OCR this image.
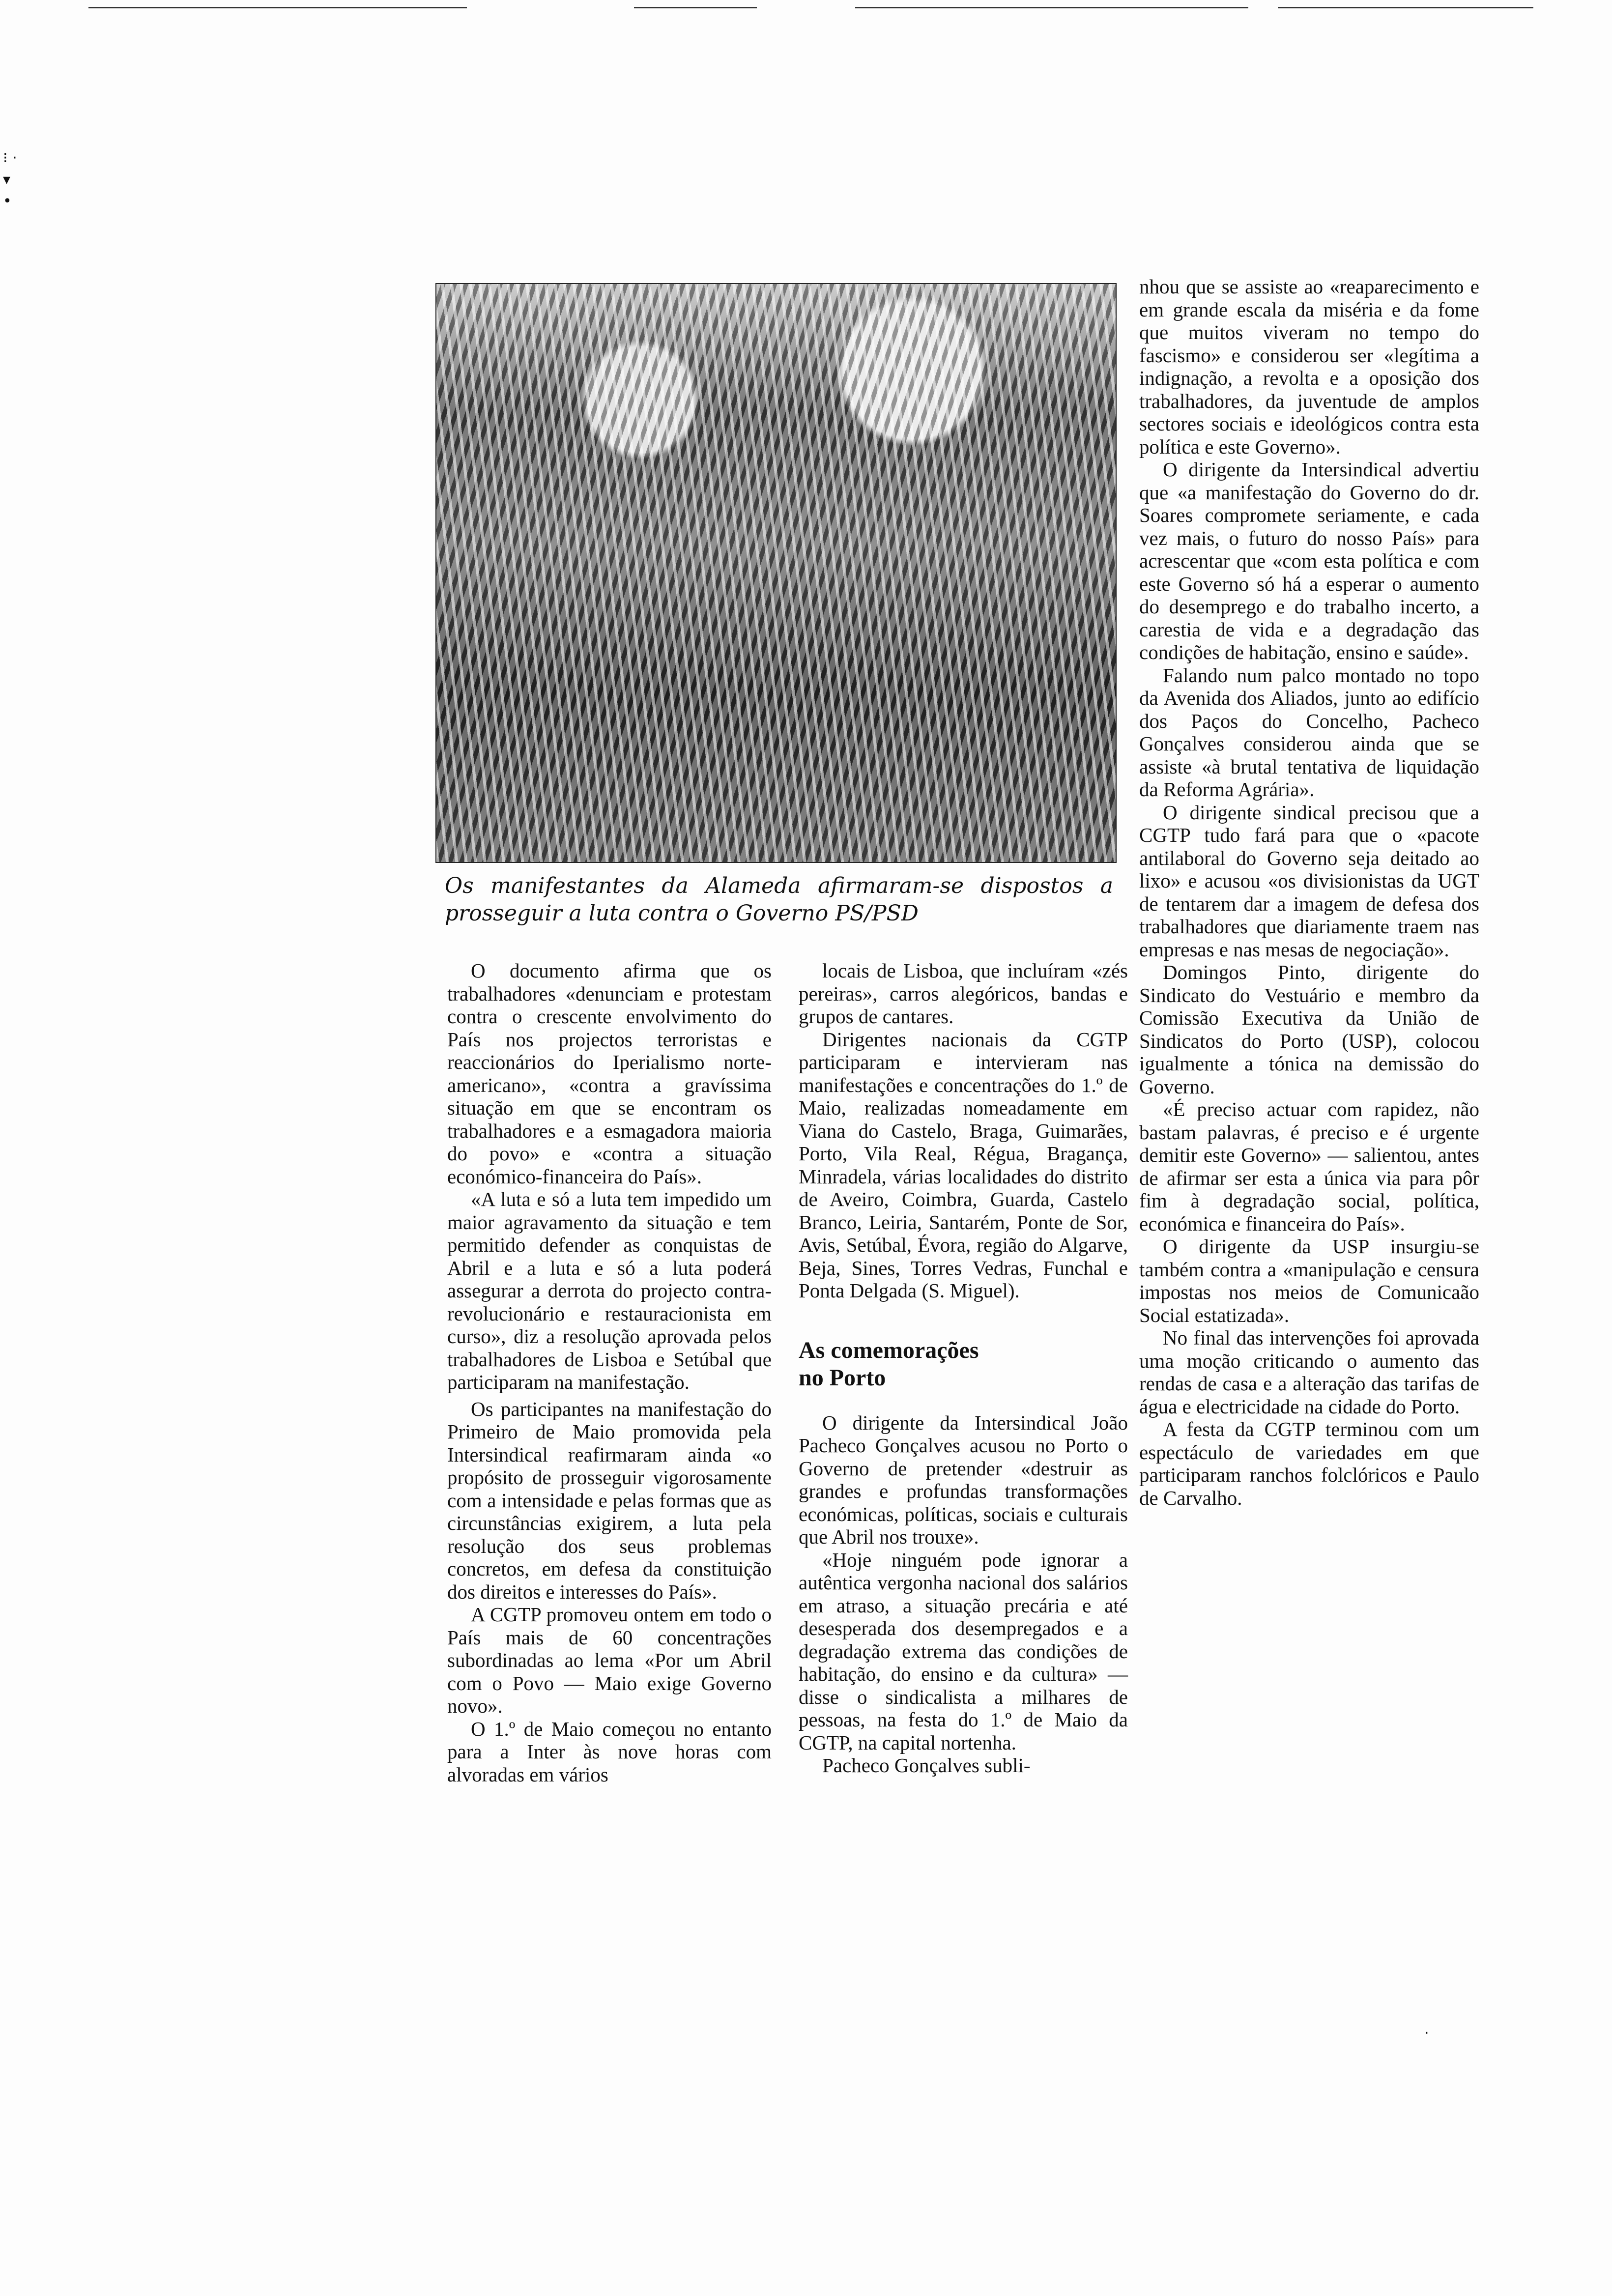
⁝ ·▾ •
·
Os manifestantes da Alameda afirmaram-se dispostos a prosseguir a luta contra o Governo PS/PSD

O documento afirma que os trabalhadores «denunciam e protestam contra o crescente envolvimento do País nos projectos terroristas e reaccionários do Iperialismo norte-americano», «contra a gravíssima situação em que se encontram os trabalhadores e a esmagadora maioria do povo» e «contra a situação económico-financeira do País».

«A luta e só a luta tem impedido um maior agravamento da situação e tem permitido defender as conquistas de Abril e a luta e só a luta poderá assegurar a derrota do projecto contra-revolucionário e restauracionista em curso», diz a resolução aprovada pelos trabalhadores de Lisboa e Setúbal que participaram na manifestação.

Os participantes na manifestação do Primeiro de Maio promovida pela Intersindical reafirmaram ainda «o propósito de prosseguir vigorosamente com a intensidade e pelas formas que as circunstâncias exigirem, a luta pela resolução dos seus problemas concretos, em defesa da constituição dos direitos e interesses do País».

A CGTP promoveu ontem em todo o País mais de 60 concentrações subordinadas ao lema «Por um Abril com o Povo — Maio exige Governo novo».

O 1.º de Maio começou no entanto para a Inter às nove horas com alvoradas em vários

locais de Lisboa, que incluíram «zés pereiras», carros alegóricos, bandas e grupos de cantares.

Dirigentes nacionais da CGTP participaram e intervieram nas manifestações e concentrações do 1.º de Maio, realizadas nomeadamente em Viana do Castelo, Braga, Guimarães, Porto, Vila Real, Régua, Bragança, Minradela, várias localidades do distrito de Aveiro, Coimbra, Guarda, Castelo Branco, Leiria, Santarém, Ponte de Sor, Avis, Setúbal, Évora, região do Algarve, Beja, Sines, Torres Vedras, Funchal e Ponta Delgada (S. Miguel).

As comemorações
no Porto

O dirigente da Intersindical João Pacheco Gonçalves acusou no Porto o Governo de pretender «destruir as grandes e profundas transformações económicas, políticas, sociais e culturais que Abril nos trouxe».

«Hoje ninguém pode ignorar a autêntica vergonha nacional dos salários em atraso, a situação precária e até desesperada dos desempregados e a degradação extrema das condições de habitação, do ensino e da cultura» — disse o sindicalista a milhares de pessoas, na festa do 1.º de Maio da CGTP, na capital nortenha.

Pacheco Gonçalves subli-

nhou que se assiste ao «reaparecimento e em grande escala da miséria e da fome que muitos viveram no tempo do fascismo» e considerou ser «legítima a indignação, a revolta e a oposição dos trabalhadores, da juventude de amplos sectores sociais e ideológicos contra esta política e este Governo».

O dirigente da Intersindical advertiu que «a manifestação do Governo do dr. Soares compromete seriamente, e cada vez mais, o futuro do nosso País» para acrescentar que «com esta política e com este Governo só há a esperar o aumento do desemprego e do trabalho incerto, a carestia de vida e a degradação das condições de habitação, ensino e saúde».

Falando num palco montado no topo da Avenida dos Aliados, junto ao edifício dos Paços do Concelho, Pacheco Gonçalves considerou ainda que se assiste «à brutal tentativa de liquidação da Reforma Agrária».

O dirigente sindical precisou que a CGTP tudo fará para que o «pacote antilaboral do Governo seja deitado ao lixo» e acusou «os divisionistas da UGT de tentarem dar a imagem de defesa dos trabalhadores que diariamente traem nas empresas e nas mesas de negociação».

Domingos Pinto, dirigente do Sindicato do Vestuário e membro da Comissão Executiva da União de Sindicatos do Porto (USP), colocou igualmente a tónica na demissão do Governo.

«É preciso actuar com rapidez, não bastam palavras, é preciso e é urgente demitir este Governo» — salientou, antes de afirmar ser esta a única via para pôr fim à degradação social, política, económica e financeira do País».

O dirigente da USP insurgiu-se também contra a «manipulação e censura impostas nos meios de Comunicaão Social estatizada».

No final das intervenções foi aprovada uma moção criticando o aumento das rendas de casa e a alteração das tarifas de água e electricidade na cidade do Porto.

A festa da CGTP terminou com um espectáculo de variedades em que participaram ranchos folclóricos e Paulo de Carvalho.
